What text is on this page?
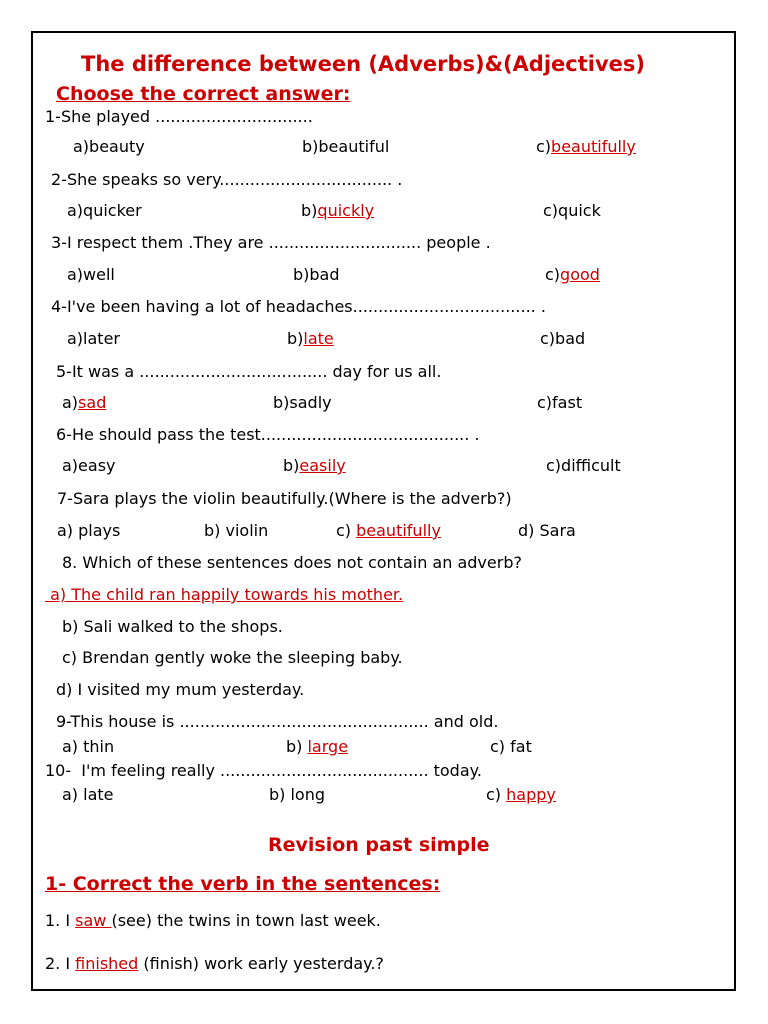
The difference between (Adverbs)&(Adjectives)
Choose the correct answer:
1-She played ...............................
a)beauty	b)beautiful	c)beautifully
2-She speaks so very.................................. .
a)quicker	b)quickly	c)quick
3-I respect them .They are .............................. people .
a)well	b)bad	c)good
4-I've been having a lot of headaches.................................... .
a)later	b)late	c)bad
5-It was a ..................................... day for us all.
a)sad	b)sadly	c)fast
6-He should pass the test......................................... .
a)easy	b)easily	c)difficult
7-Sara plays the violin beautifully.(Where is the adverb?)
a) plays	b) violin	c) beautifully	d) Sara
8. Which of these sentences does not contain an adverb?
a) The child ran happily towards his mother.
b) Sali walked to the shops.
c) Brendan gently woke the sleeping baby.
d) I visited my mum yesterday.
9-This house is ................................................. and old.
a) thin	b) large	c) fat
10-  I'm feeling really ......................................... today.
a) late	b) long	c) happy
Revision past simple
1- Correct the verb in the sentences:
1. I saw (see) the twins in town last week.
2. I finished (finish) work early yesterday.?
